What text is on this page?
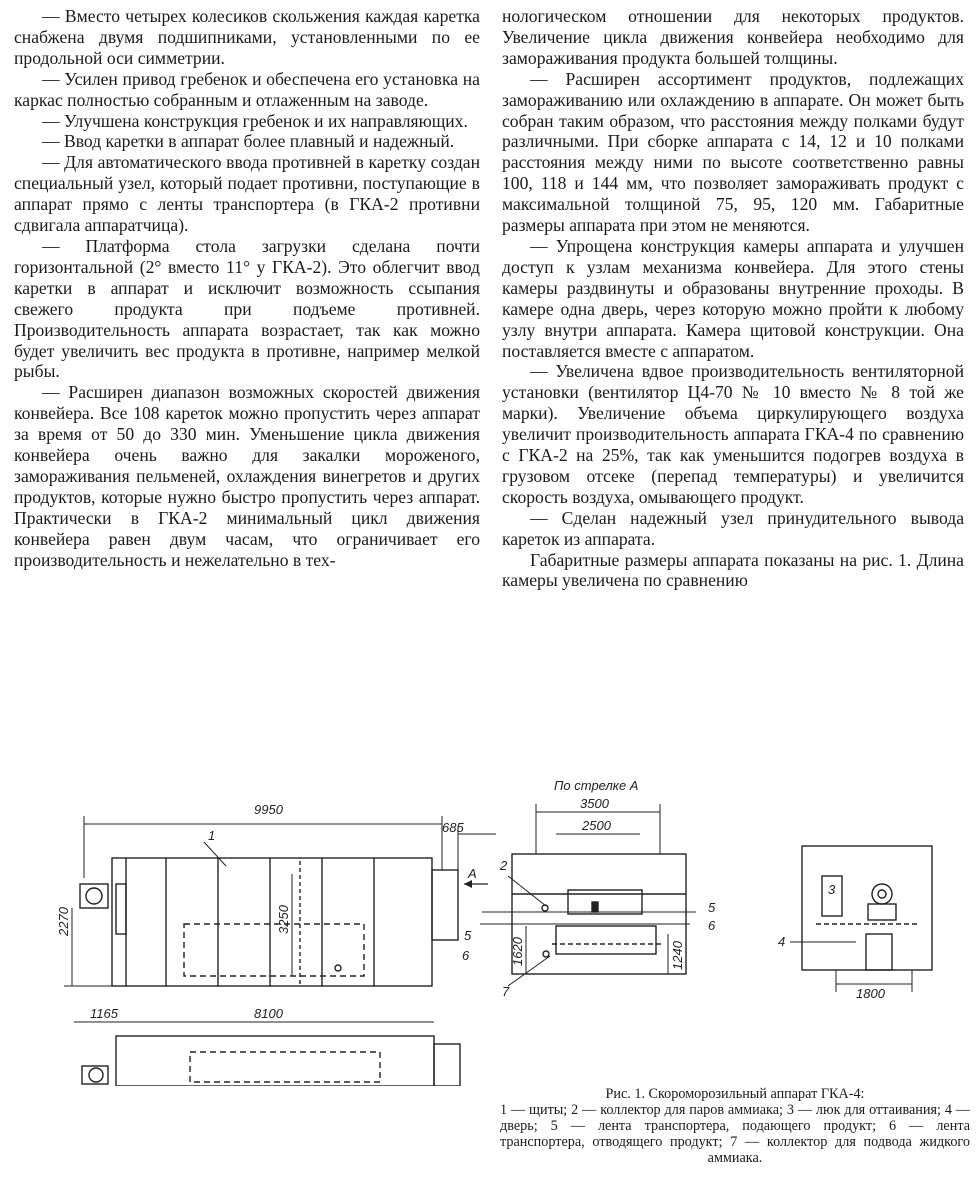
— Вместо четырех колесиков скольжения каждая каретка снабжена двумя подшипниками, установленными по ее продольной оси симметрии.

— Усилен привод гребенок и обеспечена его установка на каркас полностью собранным и отлаженным на заводе.

— Улучшена конструкция гребенок и их направляющих.

— Ввод каретки в аппарат более плавный и надежный.

— Для автоматического ввода противней в каретку создан специальный узел, который подает противни, поступающие в аппарат прямо с ленты транспортера (в ГКА-2 противни сдвигала аппаратчица).

— Платформа стола загрузки сделана почти горизонтальной (2° вместо 11° у ГКА-2). Это облегчит ввод каретки в аппарат и исключит возможность ссыпания свежего продукта при подъеме противней. Производительность аппарата возрастает, так как можно будет увеличить вес продукта в противне, например мелкой рыбы.

— Расширен диапазон возможных скоростей движения конвейера. Все 108 кареток можно пропустить через аппарат за время от 50 до 330 мин. Уменьшение цикла движения конвейера очень важно для закалки мороженого, замораживания пельменей, охлаждения винегретов и других продуктов, которые нужно быстро пропустить через аппарат. Практически в ГКА-2 минимальный цикл движения конвейера равен двум часам, что ограничивает его производительность и нежелательно в тех-

нологическом отношении для некоторых продуктов. Увеличение цикла движения конвейера необходимо для замораживания продукта большей толщины.

— Расширен ассортимент продуктов, подлежащих замораживанию или охлаждению в аппарате. Он может быть собран таким образом, что расстояния между полками будут различными. При сборке аппарата с 14, 12 и 10 полками расстояния между ними по высоте соответственно равны 100, 118 и 144 мм, что позволяет замораживать продукт с максимальной толщиной 75, 95, 120 мм. Габаритные размеры аппарата при этом не меняются.

— Упрощена конструкция камеры аппарата и улучшен доступ к узлам механизма конвейера. Для этого стены камеры раздвинуты и образованы внутренние проходы. В камере одна дверь, через которую можно пройти к любому узлу внутри аппарата. Камера щитовой конструкции. Она поставляется вместе с аппаратом.

— Увеличена вдвое производительность вентиляторной установки (вентилятор Ц4-70 № 10 вместо № 8 той же марки). Увеличение объема циркулирующего воздуха увеличит производительность аппарата ГКА-4 по сравнению с ГКА-2 на 25%, так как уменьшится подогрев воздуха в грузовом отсеке (перепад температуры) и увеличится скорость воздуха, омывающего продукт.

— Сделан надежный узел принудительного вывода кареток из аппарата.

Габаритные размеры аппарата показаны на рис. 1. Длина камеры увеличена по сравнению

9950
685
2270	3250
1165	8100
3500
2500
1620	1240
1800
По стрелке А
А
1
2
3
4
5
5
6
6
7
Рис. 1. Скороморозильный аппарат ГКА-4:
1 — щиты; 2 — коллектор для паров аммиака; 3 — люк для оттаивания; 4 — дверь; 5 — лента транспортера, подающего продукт; 6 — лента транспортера, отводящего продукт; 7 — коллектор для подвода жидкого аммиака.
